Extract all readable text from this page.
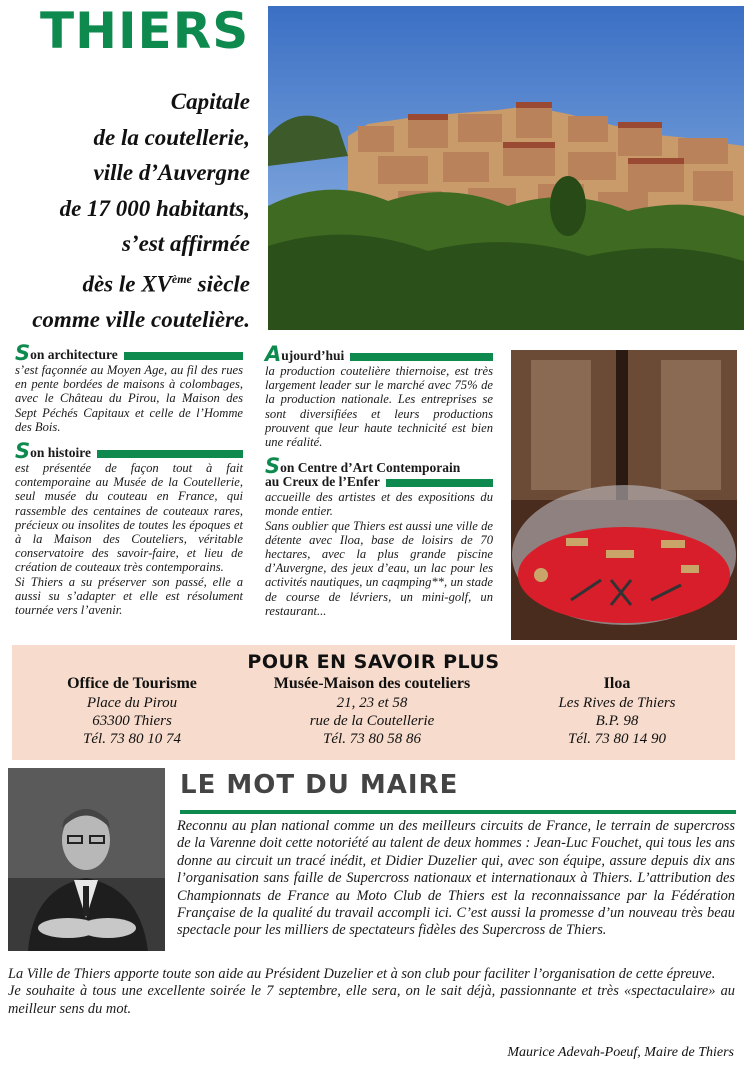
THIERS
Capitale
de la coutellerie,
ville d’Auvergne
de 17 000 habitants,
s’est affirmée
dès le XVème siècle
comme ville coutelière.
S on architecture

s’est façonnée au Moyen Age, au fil des rues en pente bordées de maisons à colombages, avec le Château du Pirou, la Maison des Sept Péchés Capitaux et celle de l’Homme des Bois.

S on histoire

est présentée de façon tout à fait contemporaine au Musée de la Coutellerie, seul musée du couteau en France, qui rassemble des centaines de couteaux rares, précieux ou insolites de toutes les époques et à la Maison des Couteliers, véritable conservatoire des savoir-faire, et lieu de création de couteaux très contemporains.

Si Thiers a su préserver son passé, elle a aussi su s’adapter et elle est résolument tournée vers l’avenir.

A ujourd’hui

la production coutelière thiernoise, est très largement leader sur le marché avec 75% de la production nationale. Les entreprises se sont diversifiées et leurs productions prouvent que leur haute technicité est bien une réalité.

S on Centre d’Art Contemporain
au Creux de l’Enfer

accueille des artistes et des expositions du monde entier.

Sans oublier que Thiers est aussi une ville de détente avec Iloa, base de loisirs de 70 hectares, avec la plus grande piscine d’Auvergne, des jeux d’eau, un lac pour les activités nautiques, un caqmping**, un stade de course de lévriers, un mini-golf, un restaurant...

POUR EN SAVOIR PLUS
Office de Tourisme
Place du Pirou
63300 Thiers
Tél. 73 80 10 74
Musée-Maison des couteliers
21, 23 et 58
rue de la Coutellerie
Tél. 73 80 58 86
Iloa
Les Rives de Thiers
B.P. 98
Tél. 73 80 14 90
LE MOT DU MAIRE
Reconnu au plan national comme un des meilleurs circuits de France, le terrain de supercross de la Varenne doit cette notoriété au talent de deux hommes : Jean-Luc Fouchet, qui tous les ans donne au circuit un tracé inédit, et Didier Duzelier qui, avec son équipe, assure depuis dix ans l’organisation sans faille de Supercross nationaux et internationaux à Thiers. L’attribution des Championnats de France au Moto Club de Thiers est la reconnaissance par la Fédération Française de la qualité du travail accompli ici. C’est aussi la promesse d’un nouveau très beau spectacle pour les milliers de spectateurs fidèles des Supercross de Thiers.

La Ville de Thiers apporte toute son aide au Président Duzelier et à son club pour faciliter l’organisation de cette épreuve.

Je souhaite à tous une excellente soirée le 7 septembre, elle sera, on le sait déjà, passionnante et très «spectaculaire» au meilleur sens du mot.

Maurice Adevah-Poeuf, Maire de Thiers
